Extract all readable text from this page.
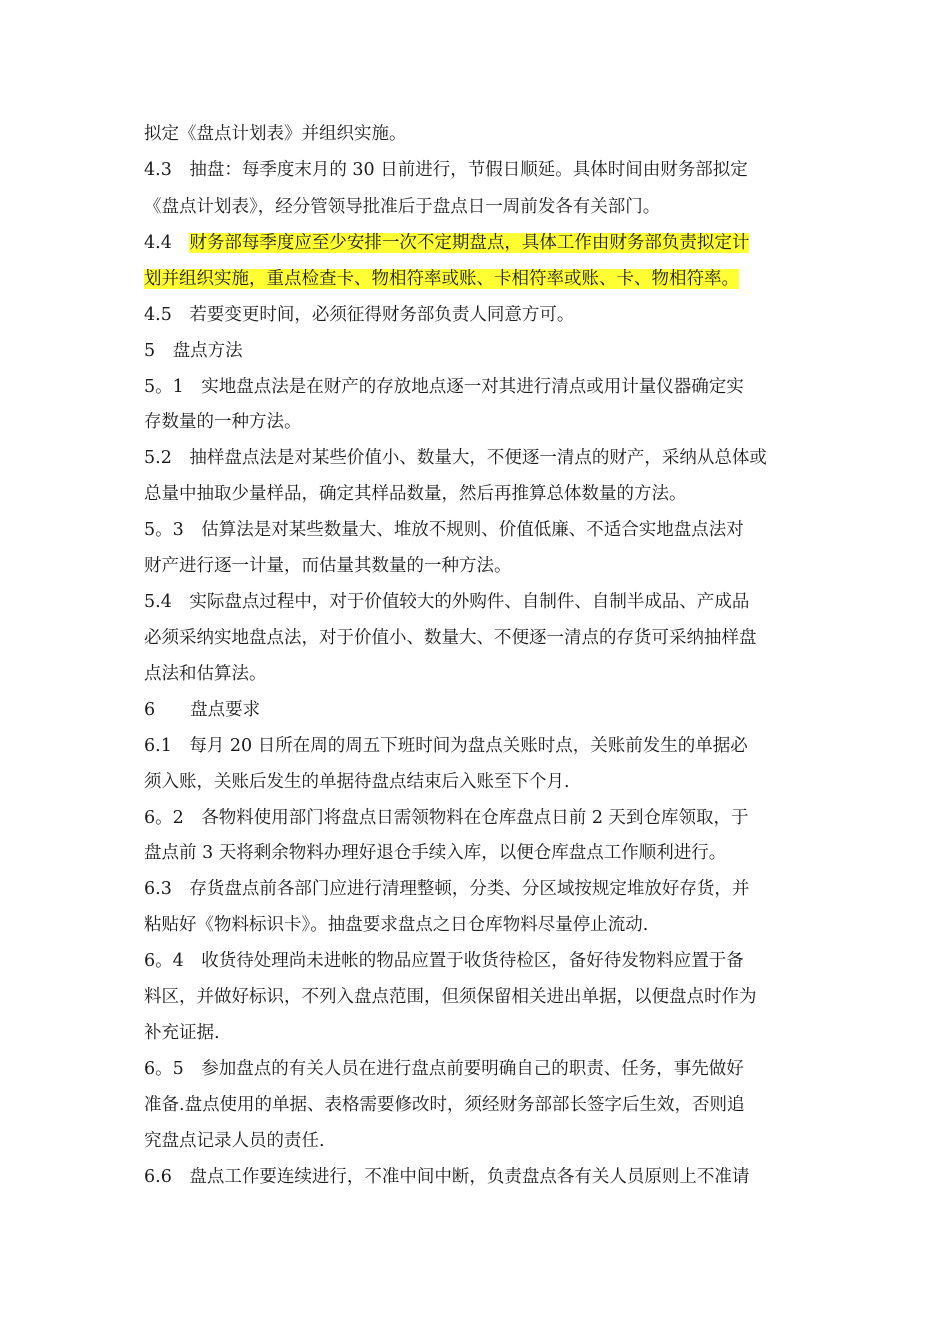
拟定《盘点计划表》并组织实施。
4.3　抽盘：每季度末月的 30 日前进行，节假日顺延。具体时间由财务部拟定
《盘点计划表》，经分管领导批准后于盘点日一周前发各有关部门。
4.4　财务部每季度应至少安排一次不定期盘点，具体工作由财务部负责拟定计
划并组织实施，重点检查卡、物相符率或账、卡相符率或账、卡、物相符率。
4.5　若要变更时间，必须征得财务部负责人同意方可。
5　盘点方法
5。1　实地盘点法是在财产的存放地点逐一对其进行清点或用计量仪器确定实
存数量的一种方法。
5.2　抽样盘点法是对某些价值小、数量大，不便逐一清点的财产，采纳从总体或
总量中抽取少量样品，确定其样品数量，然后再推算总体数量的方法。
5。3　估算法是对某些数量大、堆放不规则、价值低廉、不适合实地盘点法对
财产进行逐一计量，而估量其数量的一种方法。
5.4　实际盘点过程中，对于价值较大的外购件、自制件、自制半成品、产成品
必须采纳实地盘点法，对于价值小、数量大、不便逐一清点的存货可采纳抽样盘
点法和估算法。
6　　盘点要求
6.1　每月 20 日所在周的周五下班时间为盘点关账时点，关账前发生的单据必
须入账，关账后发生的单据待盘点结束后入账至下个月.
6。2　各物料使用部门将盘点日需领物料在仓库盘点日前 2 天到仓库领取，于
盘点前 3 天将剩余物料办理好退仓手续入库，以便仓库盘点工作顺利进行。
6.3　存货盘点前各部门应进行清理整顿，分类、分区域按规定堆放好存货，并
粘贴好《物料标识卡》。抽盘要求盘点之日仓库物料尽量停止流动.
6。4　收货待处理尚未进帐的物品应置于收货待检区，备好待发物料应置于备
料区，并做好标识，不列入盘点范围，但须保留相关进出单据，以便盘点时作为
补充证据.
6。5　参加盘点的有关人员在进行盘点前要明确自己的职责、任务，事先做好
准备.盘点使用的单据、表格需要修改时，须经财务部部长签字后生效，否则追
究盘点记录人员的责任.
6.6　盘点工作要连续进行，不准中间中断，负责盘点各有关人员原则上不准请
